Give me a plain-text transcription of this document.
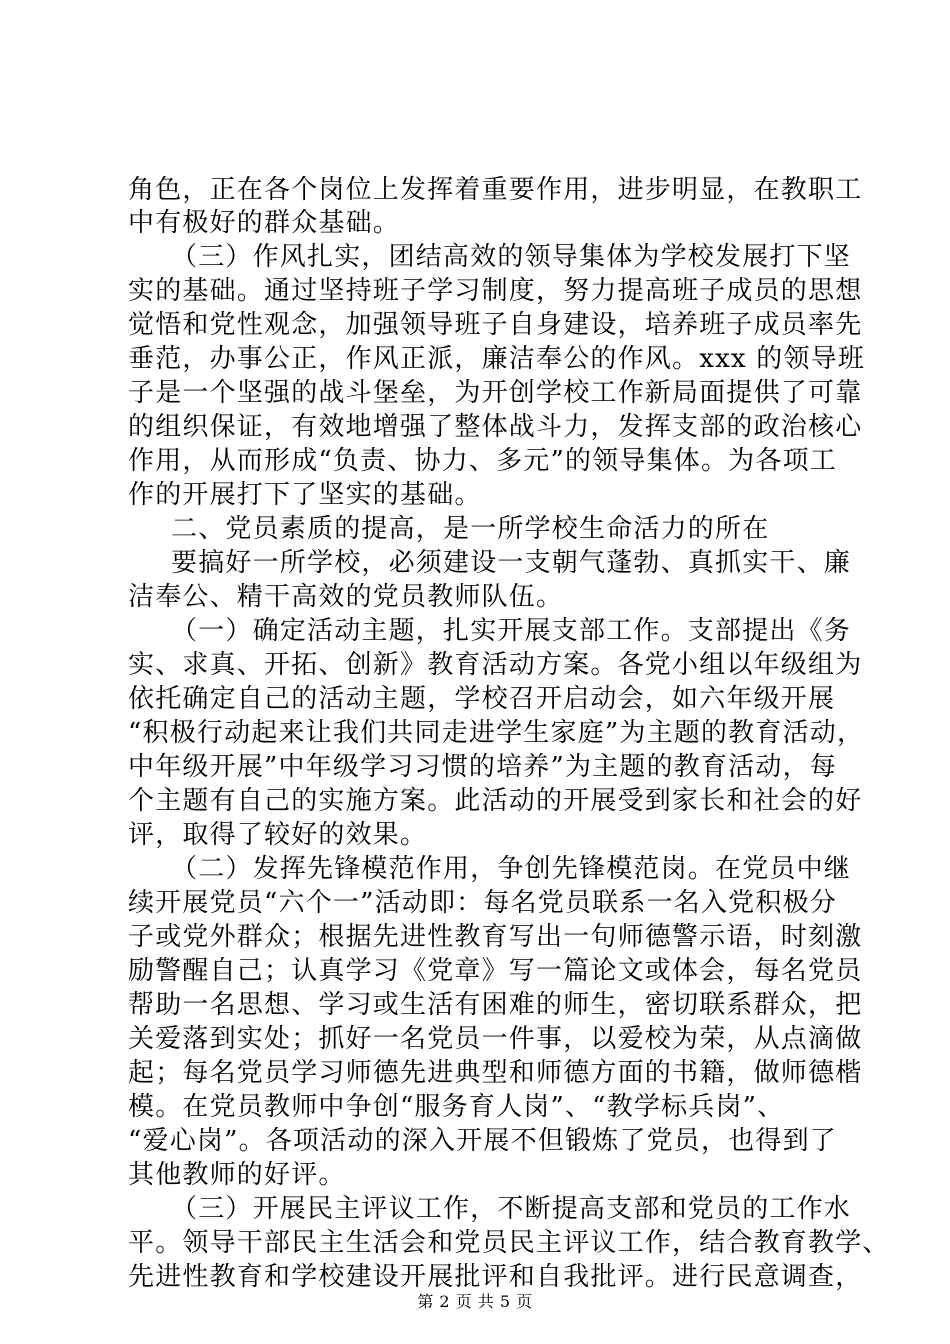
角色，正在各个岗位上发挥着重要作用，进步明显，在教职工
中有极好的群众基础。
（三）作风扎实，团结高效的领导集体为学校发展打下坚
实的基础。通过坚持班子学习制度，努力提高班子成员的思想
觉悟和党性观念，加强领导班子自身建设，培养班子成员率先
垂范，办事公正，作风正派，廉洁奉公的作风。xxx 的领导班
子是一个坚强的战斗堡垒，为开创学校工作新局面提供了可靠
的组织保证，有效地增强了整体战斗力，发挥支部的政治核心
作用，从而形成“负责、协力、多元”的领导集体。为各项工
作的开展打下了坚实的基础。
二、党员素质的提高，是一所学校生命活力的所在
要搞好一所学校，必须建设一支朝气蓬勃、真抓实干、廉
洁奉公、精干高效的党员教师队伍。
（一）确定活动主题，扎实开展支部工作。支部提出《务
实、求真、开拓、创新》教育活动方案。各党小组以年级组为
依托确定自己的活动主题，学校召开启动会，如六年级开展
“积极行动起来让我们共同走进学生家庭”为主题的教育活动，
中年级开展”中年级学习习惯的培养”为主题的教育活动，每
个主题有自己的实施方案。此活动的开展受到家长和社会的好
评，取得了较好的效果。
（二）发挥先锋模范作用，争创先锋模范岗。在党员中继
续开展党员“六个一”活动即：每名党员联系一名入党积极分
子或党外群众；根据先进性教育写出一句师德警示语，时刻激
励警醒自己；认真学习《党章》写一篇论文或体会，每名党员
帮助一名思想、学习或生活有困难的师生，密切联系群众，把
关爱落到实处；抓好一名党员一件事，以爱校为荣，从点滴做
起；每名党员学习师德先进典型和师德方面的书籍，做师德楷
模。在党员教师中争创“服务育人岗”、“教学标兵岗”、
“爱心岗”。各项活动的深入开展不但锻炼了党员，也得到了
其他教师的好评。
（三）开展民主评议工作，不断提高支部和党员的工作水
平。领导干部民主生活会和党员民主评议工作，结合教育教学、
先进性教育和学校建设开展批评和自我批评。进行民意调查，
第 2 页 共 5 页
